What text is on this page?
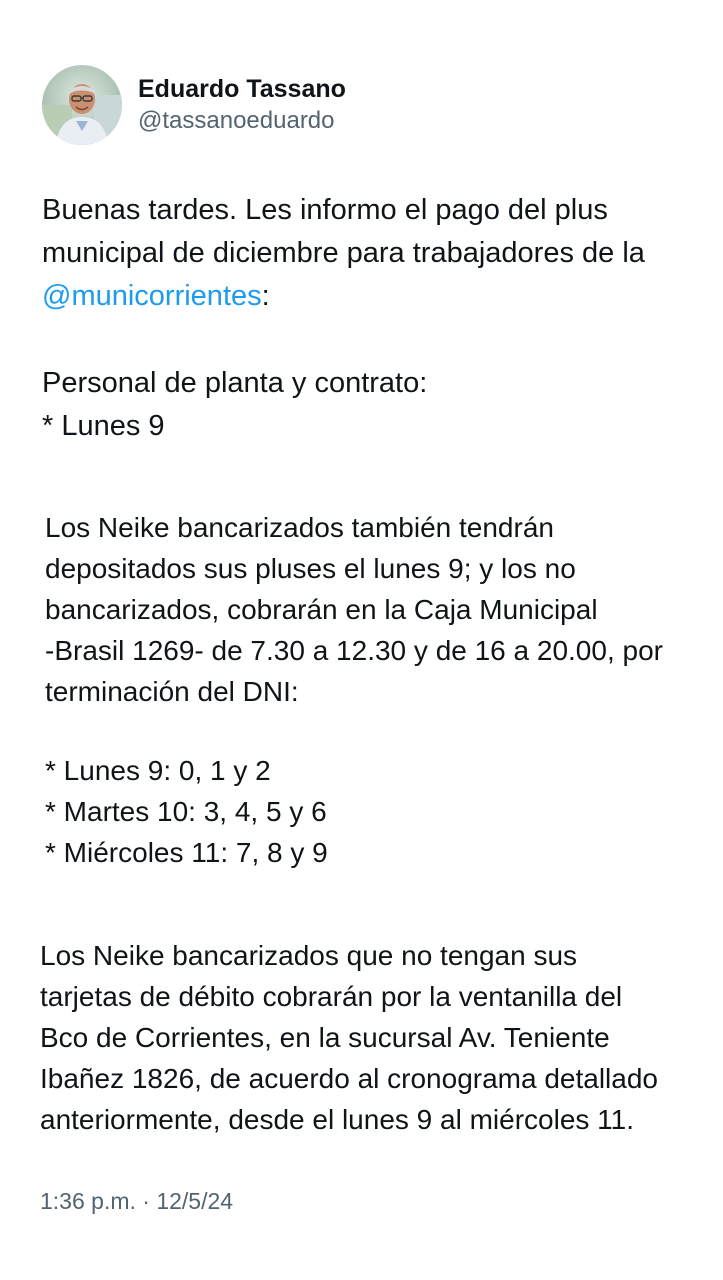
Eduardo Tassano
@tassanoeduardo

Buenas tardes. Les informo el pago del plus
municipal de diciembre para trabajadores de la
@municorrientes:

Personal de planta y contrato:
* Lunes 9

Los Neike bancarizados también tendrán
depositados sus pluses el lunes 9; y los no
bancarizados, cobrarán en la Caja Municipal
-Brasil 1269- de 7.30 a 12.30 y de 16 a 20.00, por
terminación del DNI:

* Lunes 9: 0, 1 y 2
* Martes 10: 3, 4, 5 y 6
* Miércoles 11: 7, 8 y 9

Los Neike bancarizados que no tengan sus
tarjetas de débito cobrarán por la ventanilla del
Bco de Corrientes, en la sucursal Av. Teniente
Ibañez 1826, de acuerdo al cronograma detallado
anteriormente, desde el lunes 9 al miércoles 11.

1:36 p.m. · 12/5/24
